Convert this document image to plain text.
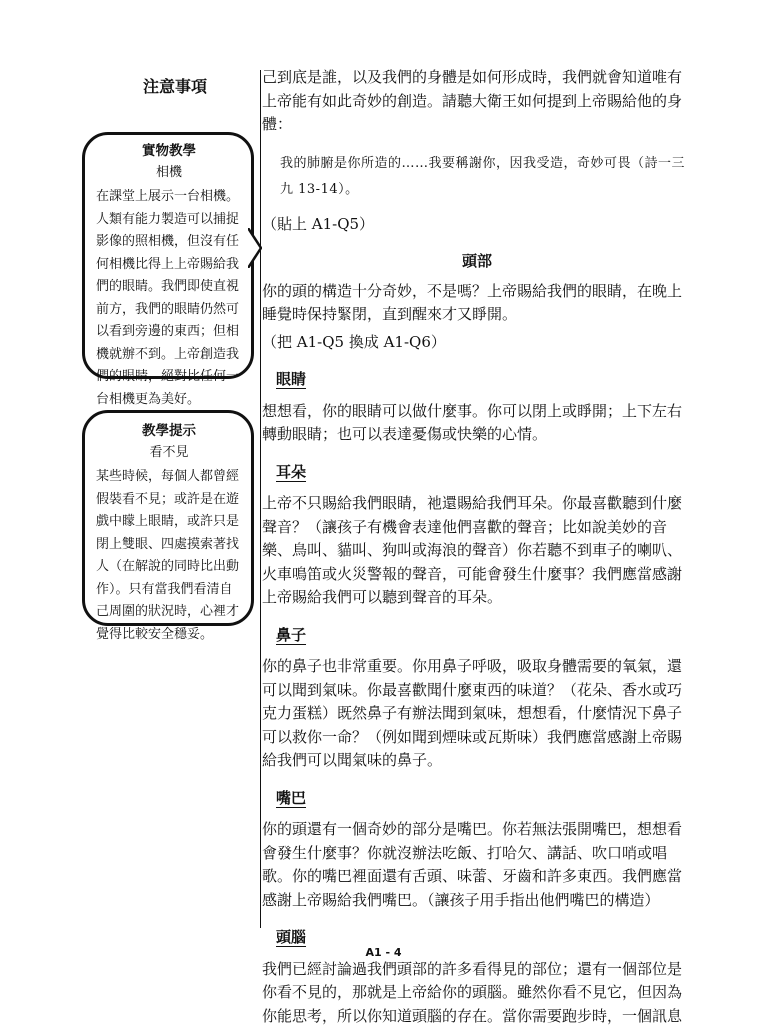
注意事項
實物教學
相機
在課堂上展示一台相機。人類有能力製造可以捕捉影像的照相機，但沒有任何相機比得上上帝賜給我們的眼睛。我們即使直視前方，我們的眼睛仍然可以看到旁邊的東西；但相機就辦不到。上帝創造我們的眼睛，絕對比任何一台相機更為美好。
教學提示
看不見
某些時候，每個人都曾經假裝看不見；或許是在遊戲中矇上眼睛，或許只是閉上雙眼、四處摸索著找人（在解說的同時比出動作）。只有當我們看清自己周圍的狀況時，心裡才覺得比較安全穩妥。

己到底是誰，以及我們的身體是如何形成時，我們就會知道唯有上帝能有如此奇妙的創造。請聽大衛王如何提到上帝賜給他的身體：

我的肺腑是你所造的……我要稱謝你，因我受造，奇妙可畏（詩一三九 13-14）。

（貼上 A1-Q5）

頭部

你的頭的構造十分奇妙，不是嗎？上帝賜給我們的眼睛，在晚上睡覺時保持緊閉，直到醒來才又睜開。

（把 A1-Q5 換成 A1-Q6）

眼睛

想想看，你的眼睛可以做什麼事。你可以閉上或睜開；上下左右轉動眼睛；也可以表達憂傷或快樂的心情。

耳朵

上帝不只賜給我們眼睛，祂還賜給我們耳朵。你最喜歡聽到什麼聲音？（讓孩子有機會表達他們喜歡的聲音；比如說美妙的音樂、鳥叫、貓叫、狗叫或海浪的聲音）你若聽不到車子的喇叭、火車鳴笛或火災警報的聲音，可能會發生什麼事？我們應當感謝上帝賜給我們可以聽到聲音的耳朵。

鼻子

你的鼻子也非常重要。你用鼻子呼吸，吸取身體需要的氧氣，還可以聞到氣味。你最喜歡聞什麼東西的味道？（花朵、香水或巧克力蛋糕）既然鼻子有辦法聞到氣味，想想看，什麼情況下鼻子可以救你一命？（例如聞到煙味或瓦斯味）我們應當感謝上帝賜給我們可以聞氣味的鼻子。

嘴巴

你的頭還有一個奇妙的部分是嘴巴。你若無法張開嘴巴，想想看會發生什麼事？你就沒辦法吃飯、打哈欠、講話、吹口哨或唱歌。你的嘴巴裡面還有舌頭、味蕾、牙齒和許多東西。我們應當感謝上帝賜給我們嘴巴。（讓孩子用手指出他們嘴巴的構造）

頭腦

我們已經討論過我們頭部的許多看得見的部位；還有一個部位是你看不見的，那就是上帝給你的頭腦。雖然你看不見它，但因為你能思考，所以你知道頭腦的存在。當你需要跑步時，一個訊息

A1 - 4
